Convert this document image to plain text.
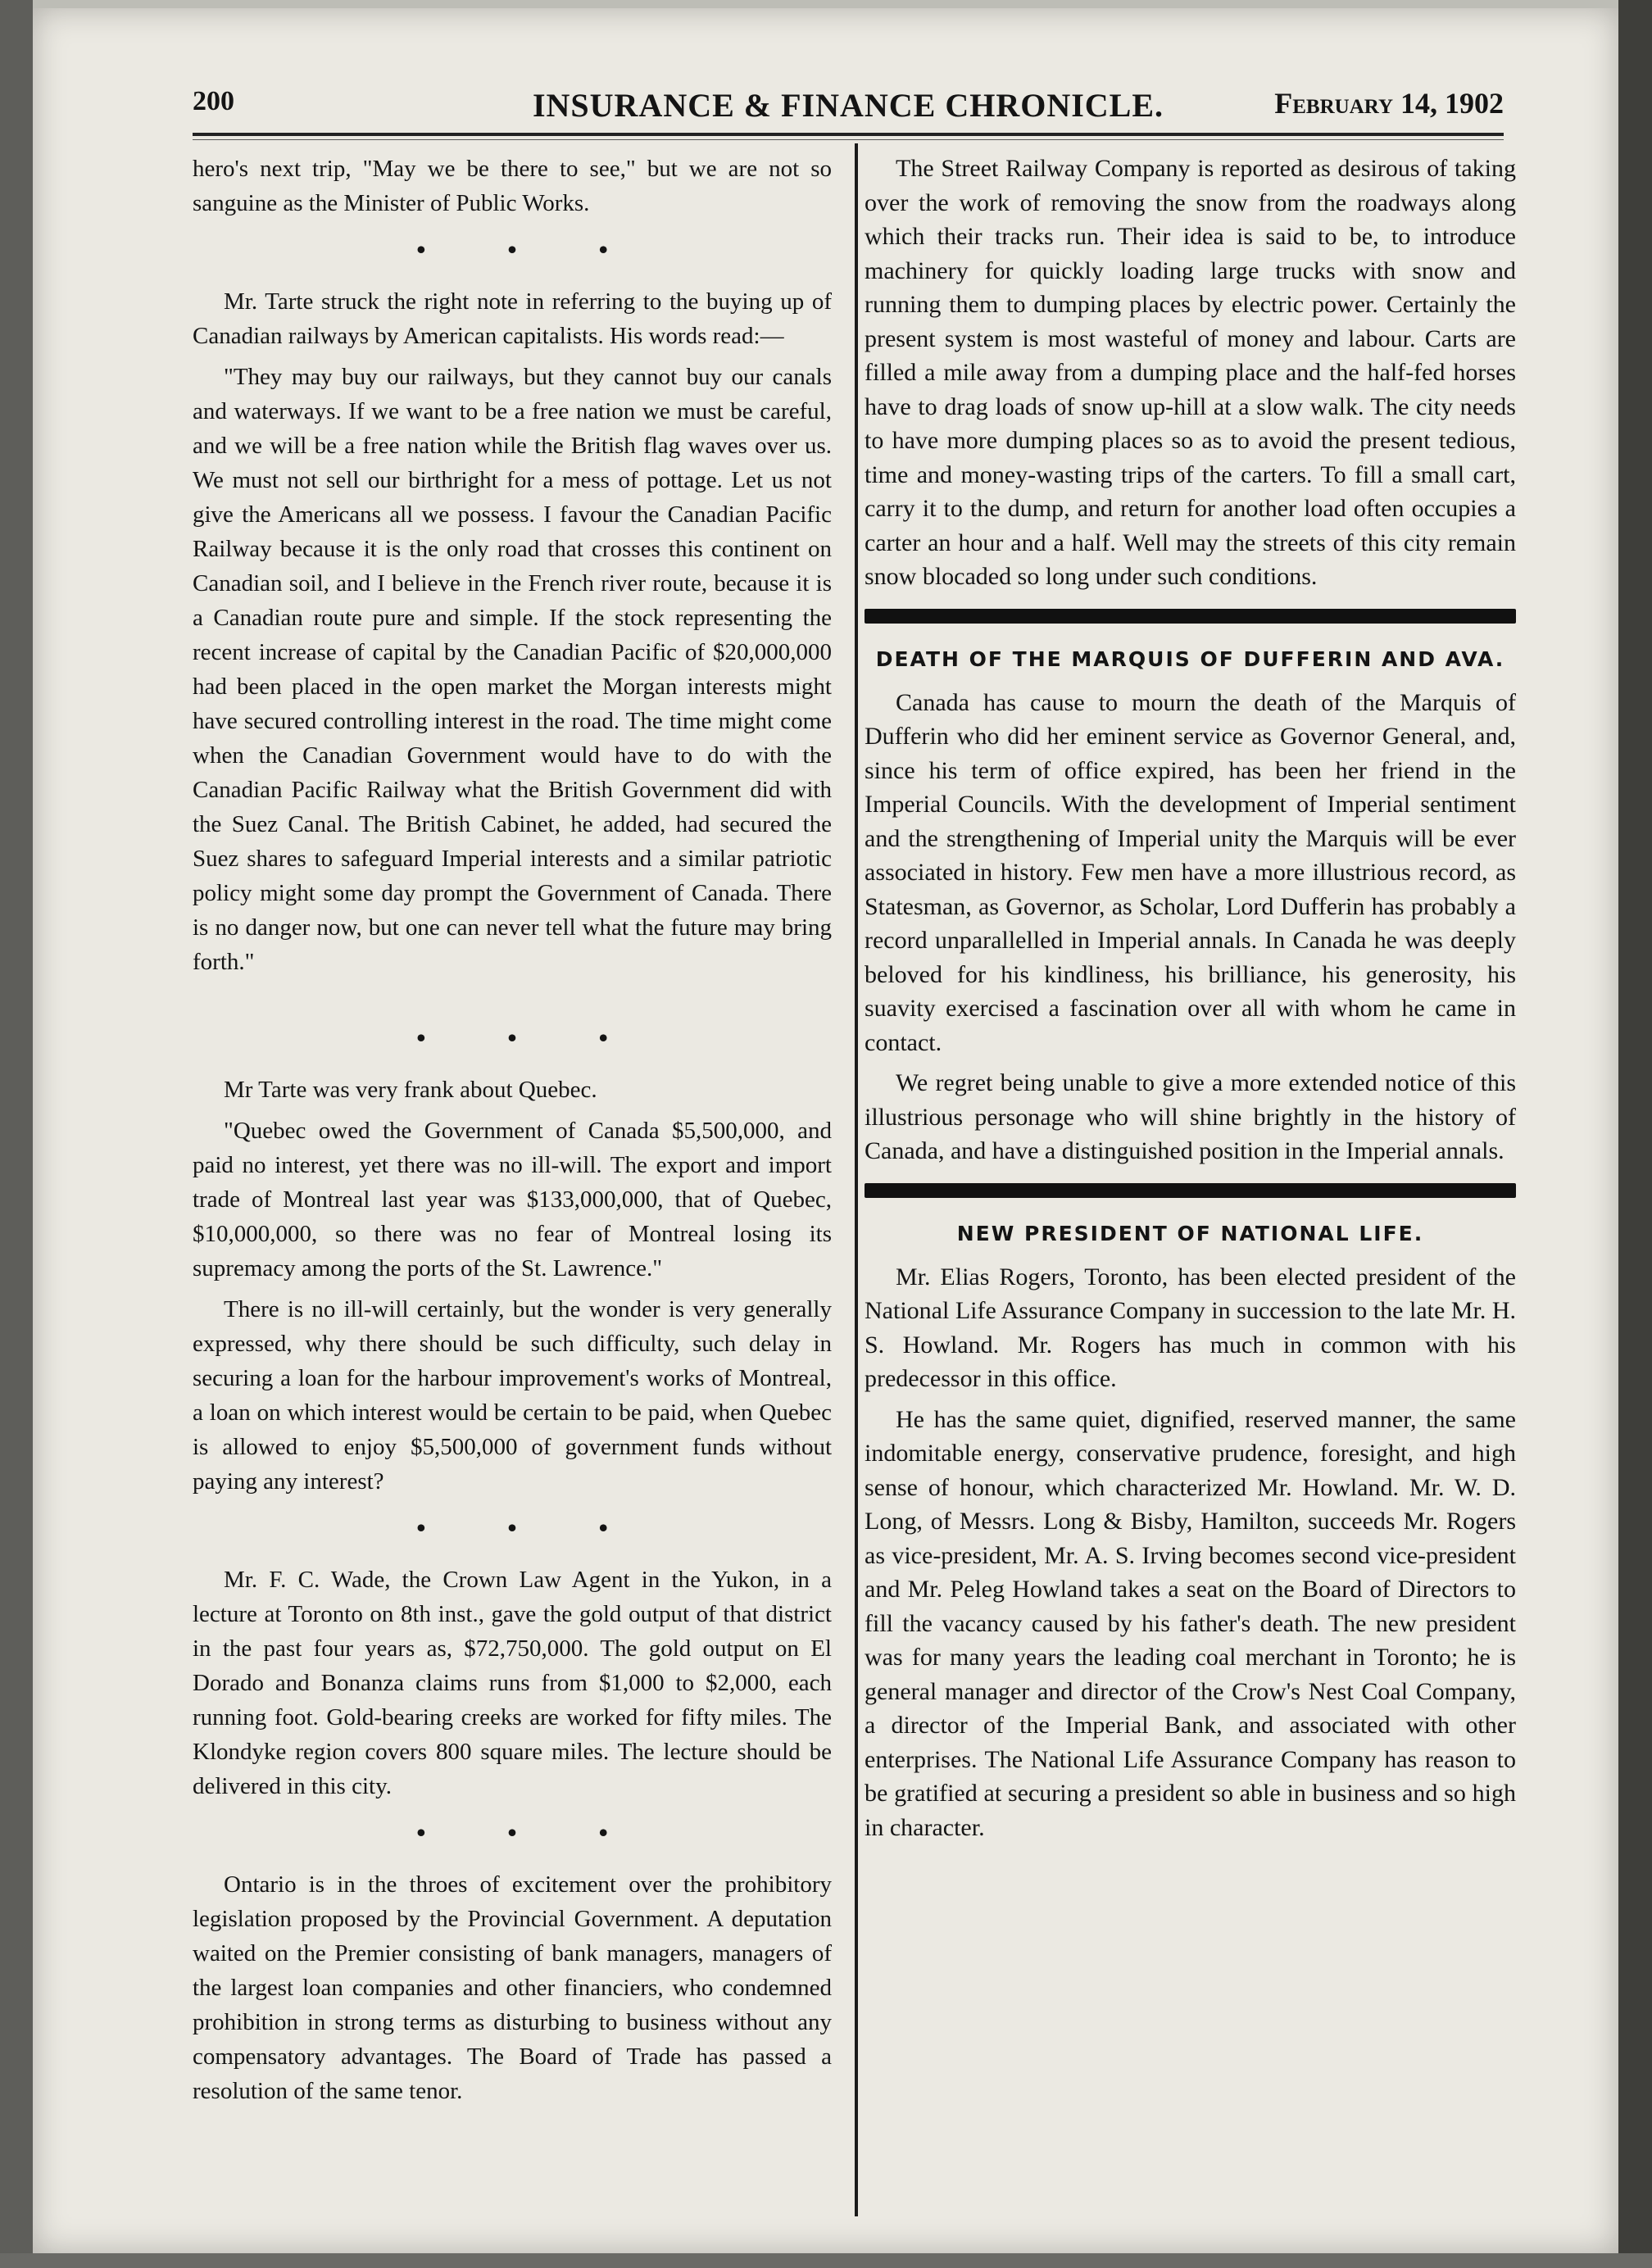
200	INSURANCE & FINANCE CHRONICLE.	February 14, 1902

hero's next trip, "May we be there to see," but we are not so sanguine as the Minister of Public Works.

• • •

Mr. Tarte struck the right note in referring to the buying up of Canadian railways by American capitalists. His words read:—

"They may buy our railways, but they cannot buy our canals and waterways. If we want to be a free nation we must be careful, and we will be a free nation while the British flag waves over us. We must not sell our birthright for a mess of pottage. Let us not give the Americans all we possess. I favour the Canadian Pacific Railway because it is the only road that crosses this continent on Canadian soil, and I believe in the French river route, because it is a Canadian route pure and simple. If the stock representing the recent increase of capital by the Canadian Pacific of $20,000,000 had been placed in the open market the Morgan interests might have secured controlling interest in the road. The time might come when the Canadian Government would have to do with the Canadian Pacific Railway what the British Government did with the Suez Canal. The British Cabinet, he added, had secured the Suez shares to safeguard Imperial interests and a similar patriotic policy might some day prompt the Government of Canada. There is no danger now, but one can never tell what the future may bring forth."

• • •

Mr Tarte was very frank about Quebec.

"Quebec owed the Government of Canada $5,500,000, and paid no interest, yet there was no ill-will. The export and import trade of Montreal last year was $133,000,000, that of Quebec, $10,000,000, so there was no fear of Montreal losing its supremacy among the ports of the St. Lawrence."

There is no ill-will certainly, but the wonder is very generally expressed, why there should be such difficulty, such delay in securing a loan for the harbour improvement's works of Montreal, a loan on which interest would be certain to be paid, when Quebec is allowed to enjoy $5,500,000 of government funds without paying any interest?

• • •

Mr. F. C. Wade, the Crown Law Agent in the Yukon, in a lecture at Toronto on 8th inst., gave the gold output of that district in the past four years as, $72,750,000. The gold output on El Dorado and Bonanza claims runs from $1,000 to $2,000, each running foot. Gold-bearing creeks are worked for fifty miles. The Klondyke region covers 800 square miles. The lecture should be delivered in this city.

• • •

Ontario is in the throes of excitement over the prohibitory legislation proposed by the Provincial Government. A deputation waited on the Premier consisting of bank managers, managers of the largest loan companies and other financiers, who condemned prohibition in strong terms as disturbing to business without any compensatory advantages. The Board of Trade has passed a resolution of the same tenor.

The Street Railway Company is reported as desirous of taking over the work of removing the snow from the roadways along which their tracks run. Their idea is said to be, to introduce machinery for quickly loading large trucks with snow and running them to dumping places by electric power. Certainly the present system is most wasteful of money and labour. Carts are filled a mile away from a dumping place and the half-fed horses have to drag loads of snow up-hill at a slow walk. The city needs to have more dumping places so as to avoid the present tedious, time and money-wasting trips of the carters. To fill a small cart, carry it to the dump, and return for another load often occupies a carter an hour and a half. Well may the streets of this city remain snow blocaded so long under such conditions.

DEATH OF THE MARQUIS OF DUFFERIN AND AVA.

Canada has cause to mourn the death of the Marquis of Dufferin who did her eminent service as Governor General, and, since his term of office expired, has been her friend in the Imperial Councils. With the development of Imperial sentiment and the strengthening of Imperial unity the Marquis will be ever associated in history. Few men have a more illustrious record, as Statesman, as Governor, as Scholar, Lord Dufferin has probably a record unparallelled in Imperial annals. In Canada he was deeply beloved for his kindliness, his brilliance, his generosity, his suavity exercised a fascination over all with whom he came in contact.

We regret being unable to give a more extended notice of this illustrious personage who will shine brightly in the history of Canada, and have a distinguished position in the Imperial annals.

NEW PRESIDENT OF NATIONAL LIFE.

Mr. Elias Rogers, Toronto, has been elected president of the National Life Assurance Company in succession to the late Mr. H. S. Howland. Mr. Rogers has much in common with his predecessor in this office.

He has the same quiet, dignified, reserved manner, the same indomitable energy, conservative prudence, foresight, and high sense of honour, which characterized Mr. Howland. Mr. W. D. Long, of Messrs. Long & Bisby, Hamilton, succeeds Mr. Rogers as vice-president, Mr. A. S. Irving becomes second vice-president and Mr. Peleg Howland takes a seat on the Board of Directors to fill the vacancy caused by his father's death. The new president was for many years the leading coal merchant in Toronto; he is general manager and director of the Crow's Nest Coal Company, a director of the Imperial Bank, and associated with other enterprises. The National Life Assurance Company has reason to be gratified at securing a president so able in business and so high in character.
